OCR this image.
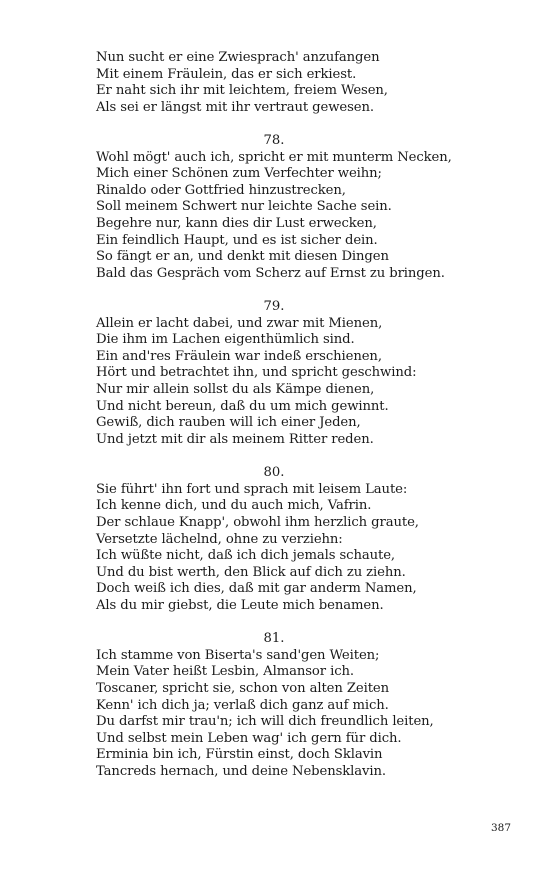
Nun sucht er eine Zwiesprach' anzufangen
Mit einem Fräulein, das er sich erkiest.
Er naht sich ihr mit leichtem, freiem Wesen,
Als sei er längst mit ihr vertraut gewesen.
78.
Wohl mögt' auch ich, spricht er mit munterm Necken,
Mich einer Schönen zum Verfechter weihn;
Rinaldo oder Gottfried hinzustrecken,
Soll meinem Schwert nur leichte Sache sein.
Begehre nur, kann dies dir Lust erwecken,
Ein feindlich Haupt, und es ist sicher dein.
So fängt er an, und denkt mit diesen Dingen
Bald das Gespräch vom Scherz auf Ernst zu bringen.
79.
Allein er lacht dabei, und zwar mit Mienen,
Die ihm im Lachen eigenthümlich sind.
Ein and'res Fräulein war indeß erschienen,
Hört und betrachtet ihn, und spricht geschwind:
Nur mir allein sollst du als Kämpe dienen,
Und nicht bereun, daß du um mich gewinnt.
Gewiß, dich rauben will ich einer Jeden,
Und jetzt mit dir als meinem Ritter reden.
80.
Sie führt' ihn fort und sprach mit leisem Laute:
Ich kenne dich, und du auch mich, Vafrin.
Der schlaue Knapp', obwohl ihm herzlich graute,
Versetzte lächelnd, ohne zu verziehn:
Ich wüßte nicht, daß ich dich jemals schaute,
Und du bist werth, den Blick auf dich zu ziehn.
Doch weiß ich dies, daß mit gar anderm Namen,
Als du mir giebst, die Leute mich benamen.
81.
Ich stamme von Biserta's sand'gen Weiten;
Mein Vater heißt Lesbin, Almansor ich.
Toscaner, spricht sie, schon von alten Zeiten
Kenn' ich dich ja; verlaß dich ganz auf mich.
Du darfst mir trau'n; ich will dich freundlich leiten,
Und selbst mein Leben wag' ich gern für dich.
Erminia bin ich, Fürstin einst, doch Sklavin
Tancreds hernach, und deine Nebensklavin.
387
